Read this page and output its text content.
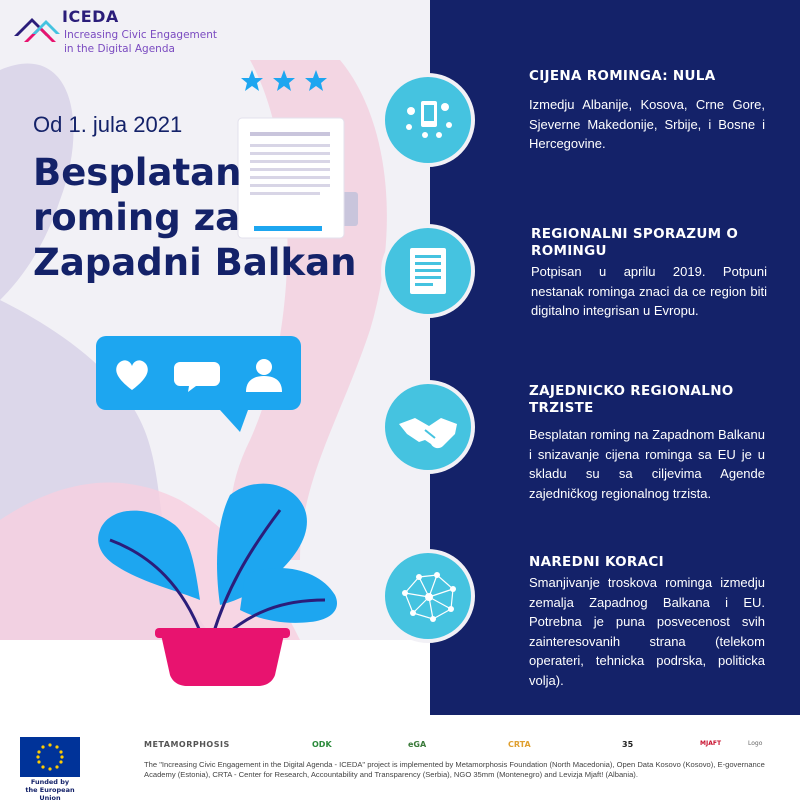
ICEDA
Increasing Civic Engagement
in the Digital Agenda
Od 1. jula 2021
Besplatan
roming za
Zapadni Balkan
CIJENA ROMINGA: NULA
Izmedju Albanije, Kosova, Crne Gore, Sjeverne Makedonije, Srbije, i Bosne i Hercegovine.
REGIONALNI SPORAZUM O ROMINGU
Potpisan u aprilu 2019. Potpuni nestanak rominga znaci da ce region biti digitalno integrisan u Evropu.
ZAJEDNICKO REGIONALNO TRZISTE
Besplatan roming na Zapadnom Balkanu i snizavanje cijena rominga sa EU je u skladu su sa ciljevima Agende zajedničkog regionalnog trzista.
NAREDNI KORACI
Smanjivanje troskova rominga izmedju zemalja Zapadnog Balkana i EU. Potrebna je puna posvecenost svih zainteresovanih strana (telekom operateri, tehnicka podrska, politicka volja).
Funded by
the European Union
METAMORPHOSIS	ODK	eGA	CRTA	35	MJAFT	Logo
The "Increasing Civic Engagement in the Digital Agenda - ICEDA" project is implemented by Metamorphosis Foundation (North Macedonia), Open Data Kosovo (Kosovo), E-governance Academy (Estonia), CRTA - Center for Research, Accountability and Transparency (Serbia), NGO 35mm (Montenegro) and Levizja Mjaft! (Albania).
